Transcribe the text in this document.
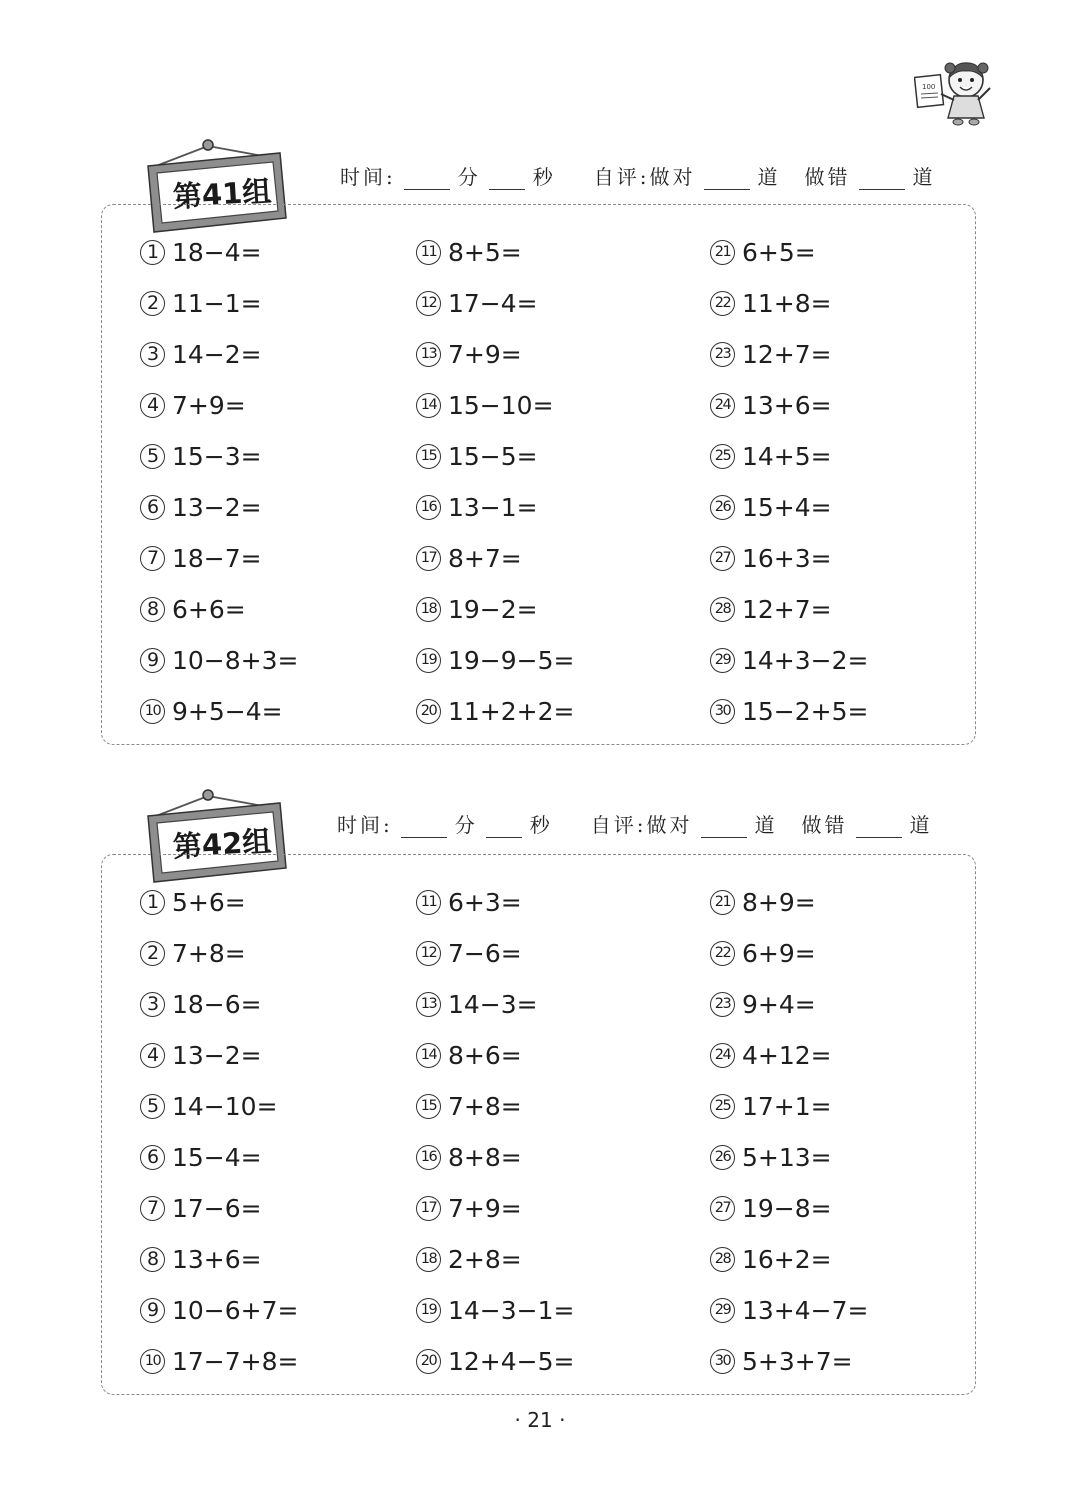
100
第41组	时间:	分	秒 自评:做对	道 做错	道
1 18−4=
2 11−1=
3 14−2=
4 7+9=
5 15−3=
6 13−2=
7 18−7=
8 6+6=
9 10−8+3=
10 9+5−4=
11 8+5=
12 17−4=
13 7+9=
14 15−10=
15 15−5=
16 13−1=
17 8+7=
18 19−2=
19 19−9−5=
20 11+2+2=
21 6+5=
22 11+8=
23 12+7=
24 13+6=
25 14+5=
26 15+4=
27 16+3=
28 12+7=
29 14+3−2=
30 15−2+5=
第42组	时间:	分	秒 自评:做对	道 做错	道
1 5+6=
2 7+8=
3 18−6=
4 13−2=
5 14−10=
6 15−4=
7 17−6=
8 13+6=
9 10−6+7=
10 17−7+8=
11 6+3=
12 7−6=
13 14−3=
14 8+6=
15 7+8=
16 8+8=
17 7+9=
18 2+8=
19 14−3−1=
20 12+4−5=
21 8+9=
22 6+9=
23 9+4=
24 4+12=
25 17+1=
26 5+13=
27 19−8=
28 16+2=
29 13+4−7=
30 5+3+7=
· 21 ·
